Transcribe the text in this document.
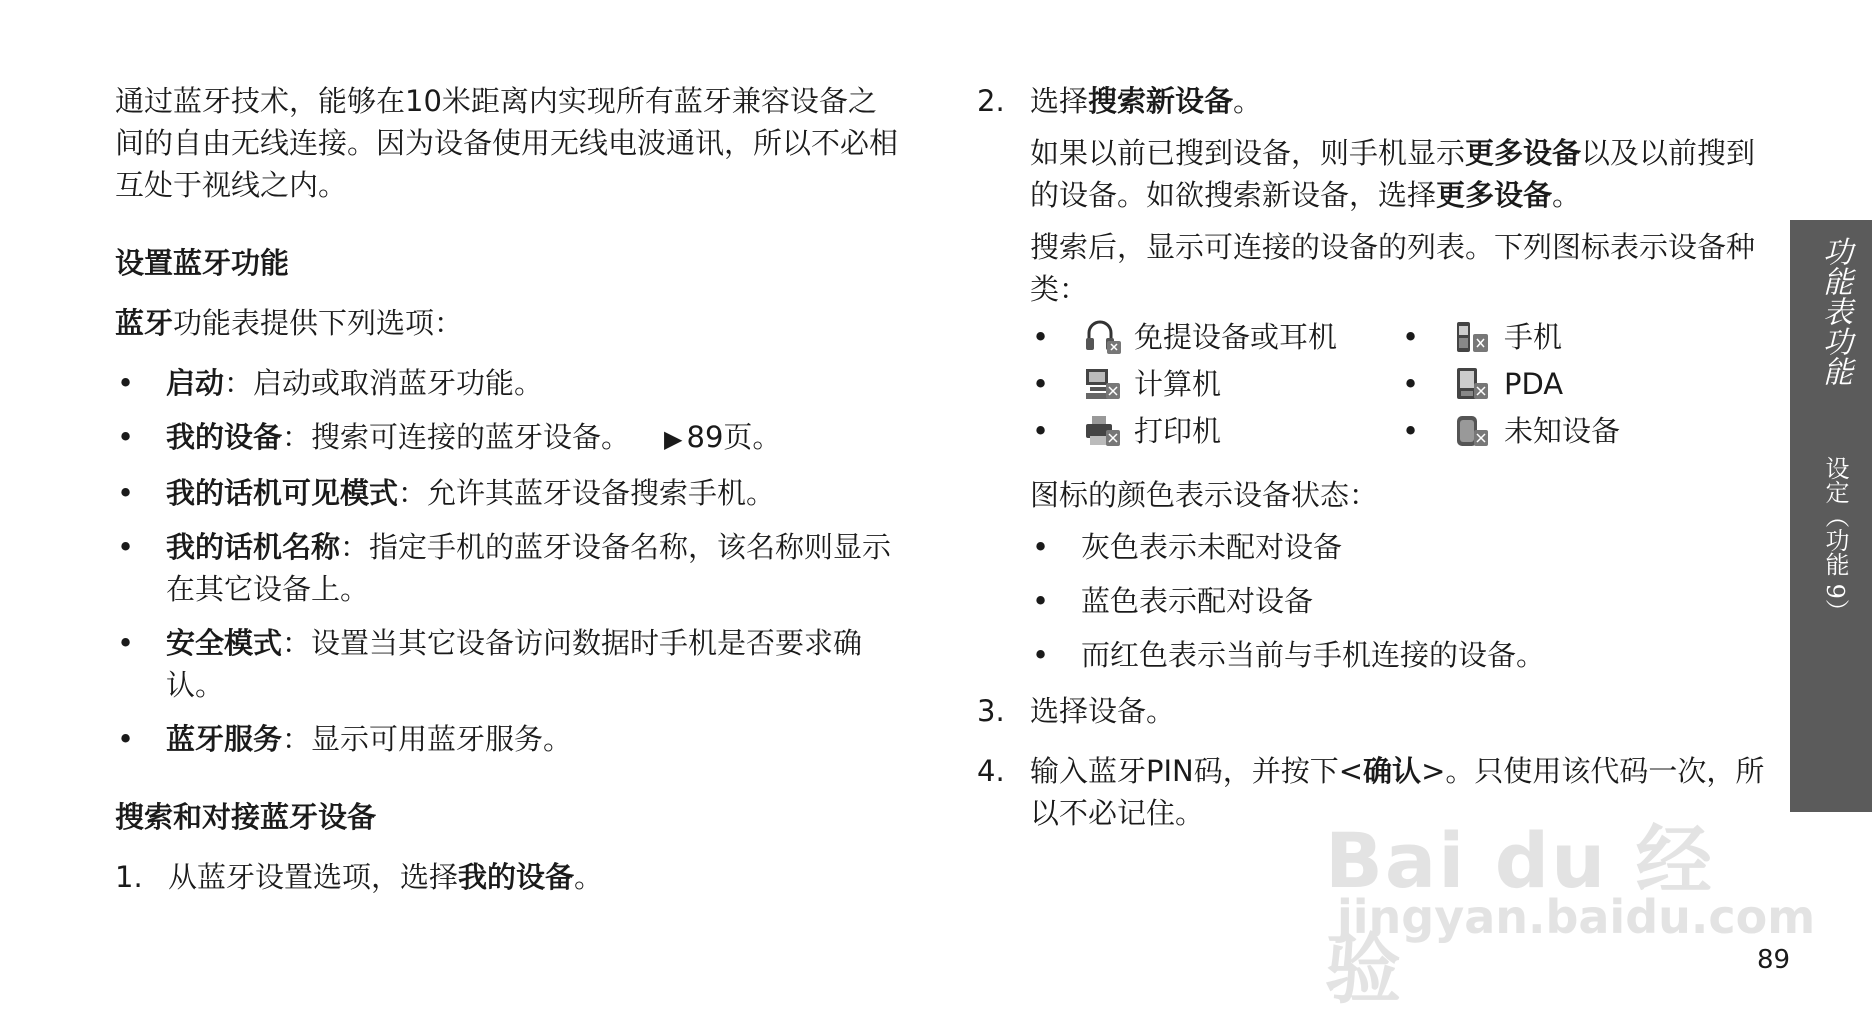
通过蓝牙技术，能够在10米距离内实现所有蓝牙兼容设备之间的自由无线连接。因为设备使用无线电波通讯，所以不必相互处于视线之内。

设置蓝牙功能

蓝牙功能表提供下列选项：

• 启动：启动或取消蓝牙功能。
• 我的设备：搜索可连接的蓝牙设备。 ▶ 89页。
• 我的话机可见模式：允许其蓝牙设备搜索手机。
• 我的话机名称：指定手机的蓝牙设备名称，该名称则显示在其它设备上。
• 安全模式：设置当其它设备访问数据时手机是否要求确认。
• 蓝牙服务：显示可用蓝牙服务。
搜索和对接蓝牙设备
1. 从蓝牙设置选项，选择我的设备。
2. 选择搜索新设备。

如果以前已搜到设备，则手机显示更多设备以及以前搜到的设备。如欲搜索新设备，选择更多设备。

搜索后，显示可连接的设备的列表。下列图标表示设备种类：

•	免提设备或耳机 •	手机
•	计算机	•	PDA
•	打印机	•	未知设备

图标的颜色表示设备状态：

• 灰色表示未配对设备
• 蓝色表示配对设备
• 而红色表示当前与手机连接的设备。
3. 选择设备。
4. 输入蓝牙PIN码，并按下<确认>。只使用该代码一次，所以不必记住。
功能表功能
设定（功能 9）
Bai du 经验
jingyan.baidu.com
89
